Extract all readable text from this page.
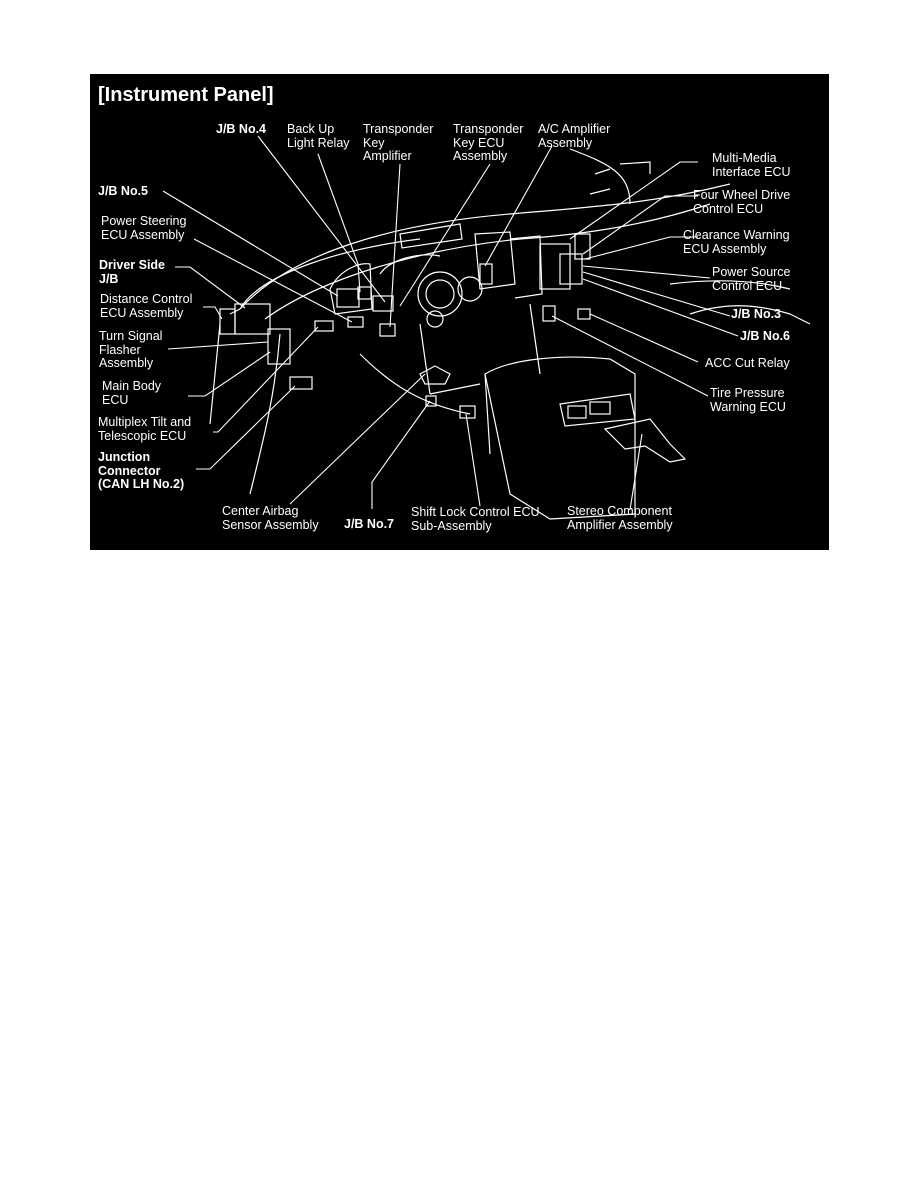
[Instrument Panel]
J/B No.4 Back Up
Light Relay
Transponder
Key
Amplifier
Transponder
Key ECU
Assembly
A/C Amplifier
Assembly
Multi-Media
Interface ECU
Four Wheel Drive
Control ECU
Clearance Warning
ECU Assembly
Power Source
Control ECU
J/B No.3
J/B No.6
ACC Cut Relay
Tire Pressure
Warning ECU
Stereo Component
Amplifier Assembly
Shift Lock Control ECU
Sub-Assembly
J/B No.7
Center Airbag
Sensor Assembly
Junction
Connector
(CAN LH No.2)
Multiplex Tilt and
Telescopic ECU
Main Body
ECU
Turn Signal
Flasher
Assembly
Distance Control
ECU Assembly
Driver Side
J/B
Power Steering
ECU Assembly
J/B No.5
